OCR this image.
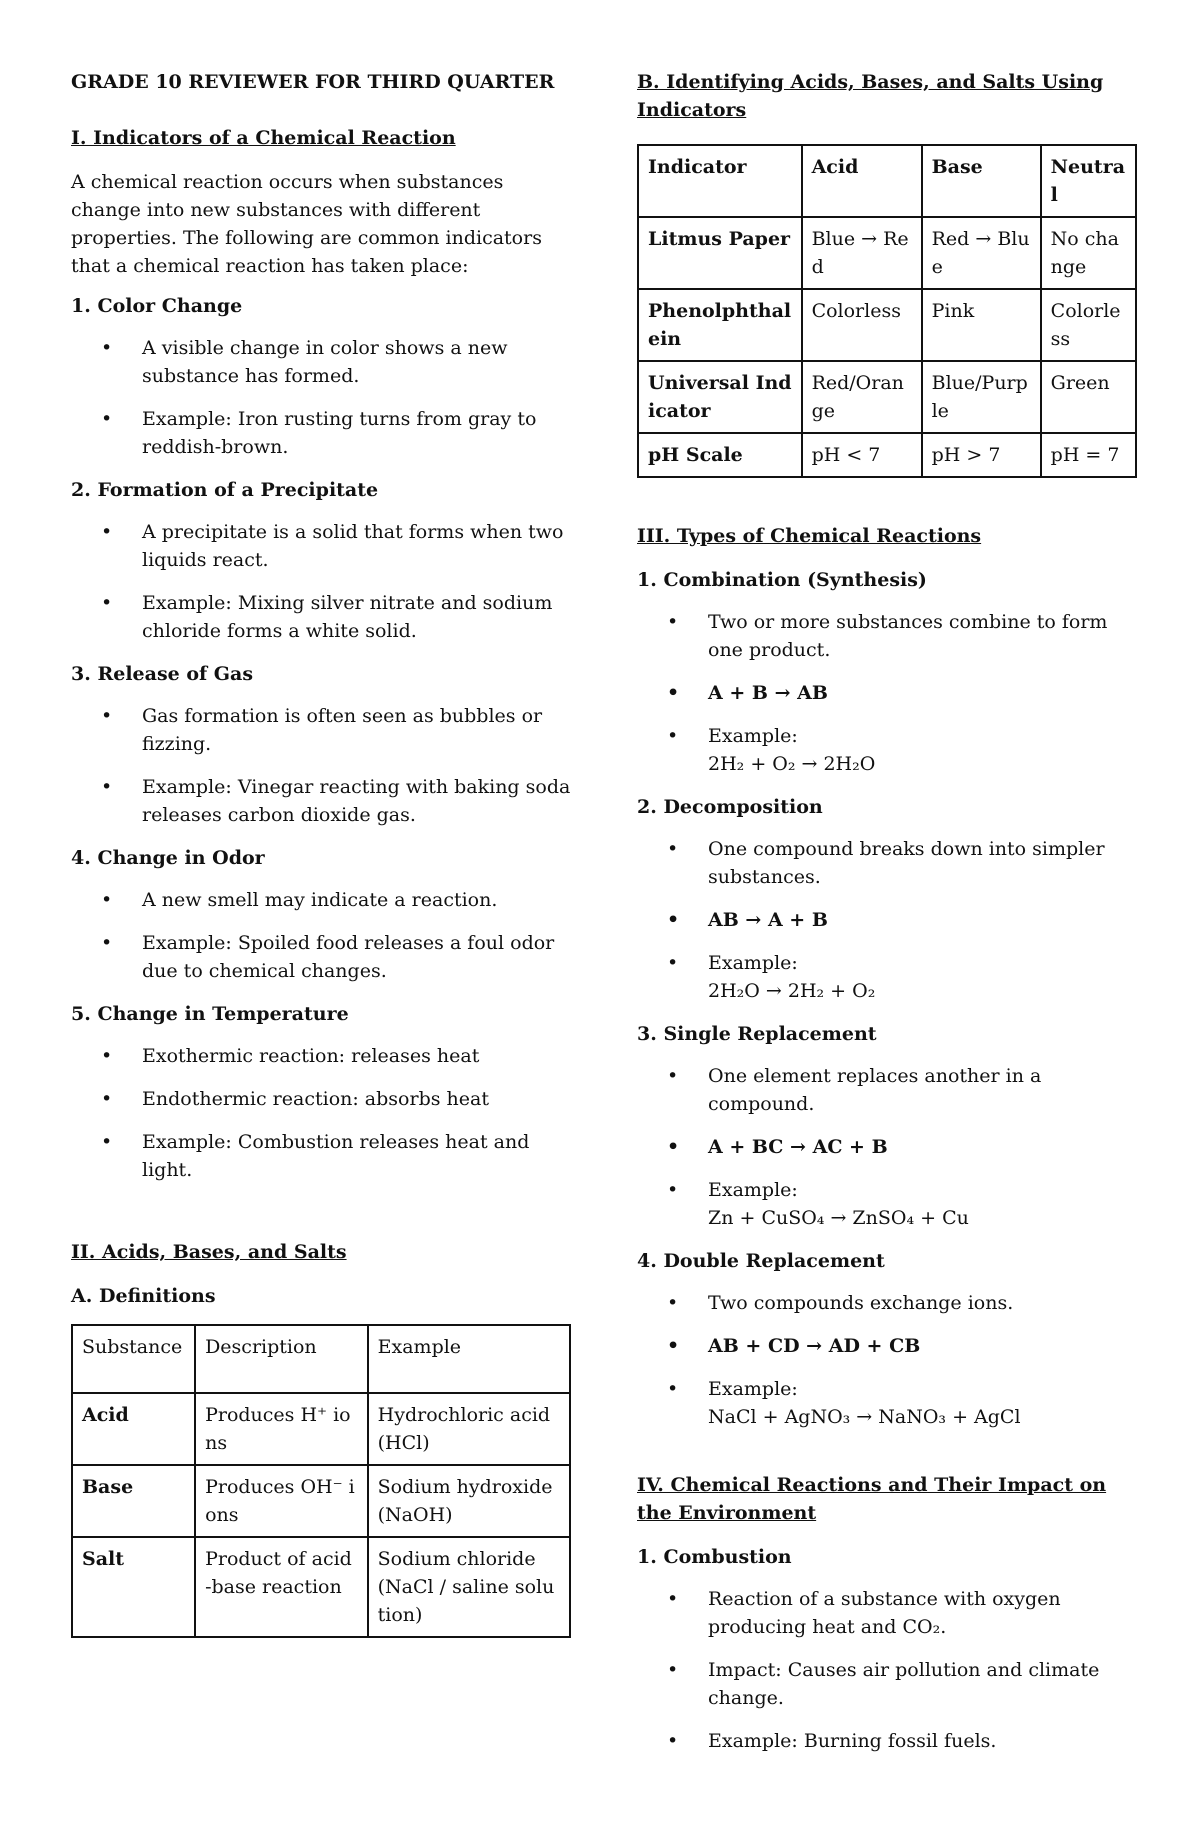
GRADE 10 REVIEWER FOR THIRD QUARTER
I. Indicators of a Chemical Reaction

A chemical reaction occurs when substances change into new substances with different properties. The following are common indicators that a chemical reaction has taken place:

1. Color Change
• A visible change in color shows a new substance has formed.
• Example: Iron rusting turns from gray to reddish-brown.
2. Formation of a Precipitate
• A precipitate is a solid that forms when two liquids react.
• Example: Mixing silver nitrate and sodium chloride forms a white solid.
3. Release of Gas
• Gas formation is often seen as bubbles or fizzing.
• Example: Vinegar reacting with baking soda releases carbon dioxide gas.
4. Change in Odor
• A new smell may indicate a reaction.
• Example: Spoiled food releases a foul odor due to chemical changes.
5. Change in Temperature
• Exothermic reaction: releases heat
• Endothermic reaction: absorbs heat
• Example: Combustion releases heat and light.
II. Acids, Bases, and Salts
A. Definitions
Substance	Description	Example
Acid	Produces H⁺ ions	Hydrochloric acid (HCl)
Base	Produces OH⁻ ions	Sodium hydroxide (NaOH)
Salt	Product of acid-base reaction	Sodium chloride (NaCl / saline solution)
B. Identifying Acids, Bases, and Salts Using Indicators
Indicator	Acid	Base	Neutral
Litmus Paper	Blue → Red	Red → Blue	No change
Phenolphthalein	Colorless	Pink	Colorless
Universal Indicator	Red/Orange	Blue/Purple	Green
pH Scale	pH < 7	pH > 7	pH = 7
III. Types of Chemical Reactions
1. Combination (Synthesis)
• Two or more substances combine to form one product.
• A + B → AB
• Example:
2H₂ + O₂ → 2H₂O
2. Decomposition
• One compound breaks down into simpler substances.
• AB → A + B
• Example:
2H₂O → 2H₂ + O₂
3. Single Replacement
• One element replaces another in a compound.
• A + BC → AC + B
• Example:
Zn + CuSO₄ → ZnSO₄ + Cu
4. Double Replacement
• Two compounds exchange ions.
• AB + CD → AD + CB
• Example:
NaCl + AgNO₃ → NaNO₃ + AgCl
IV. Chemical Reactions and Their Impact on the Environment
1. Combustion
• Reaction of a substance with oxygen producing heat and CO₂.
• Impact: Causes air pollution and climate change.
• Example: Burning fossil fuels.
